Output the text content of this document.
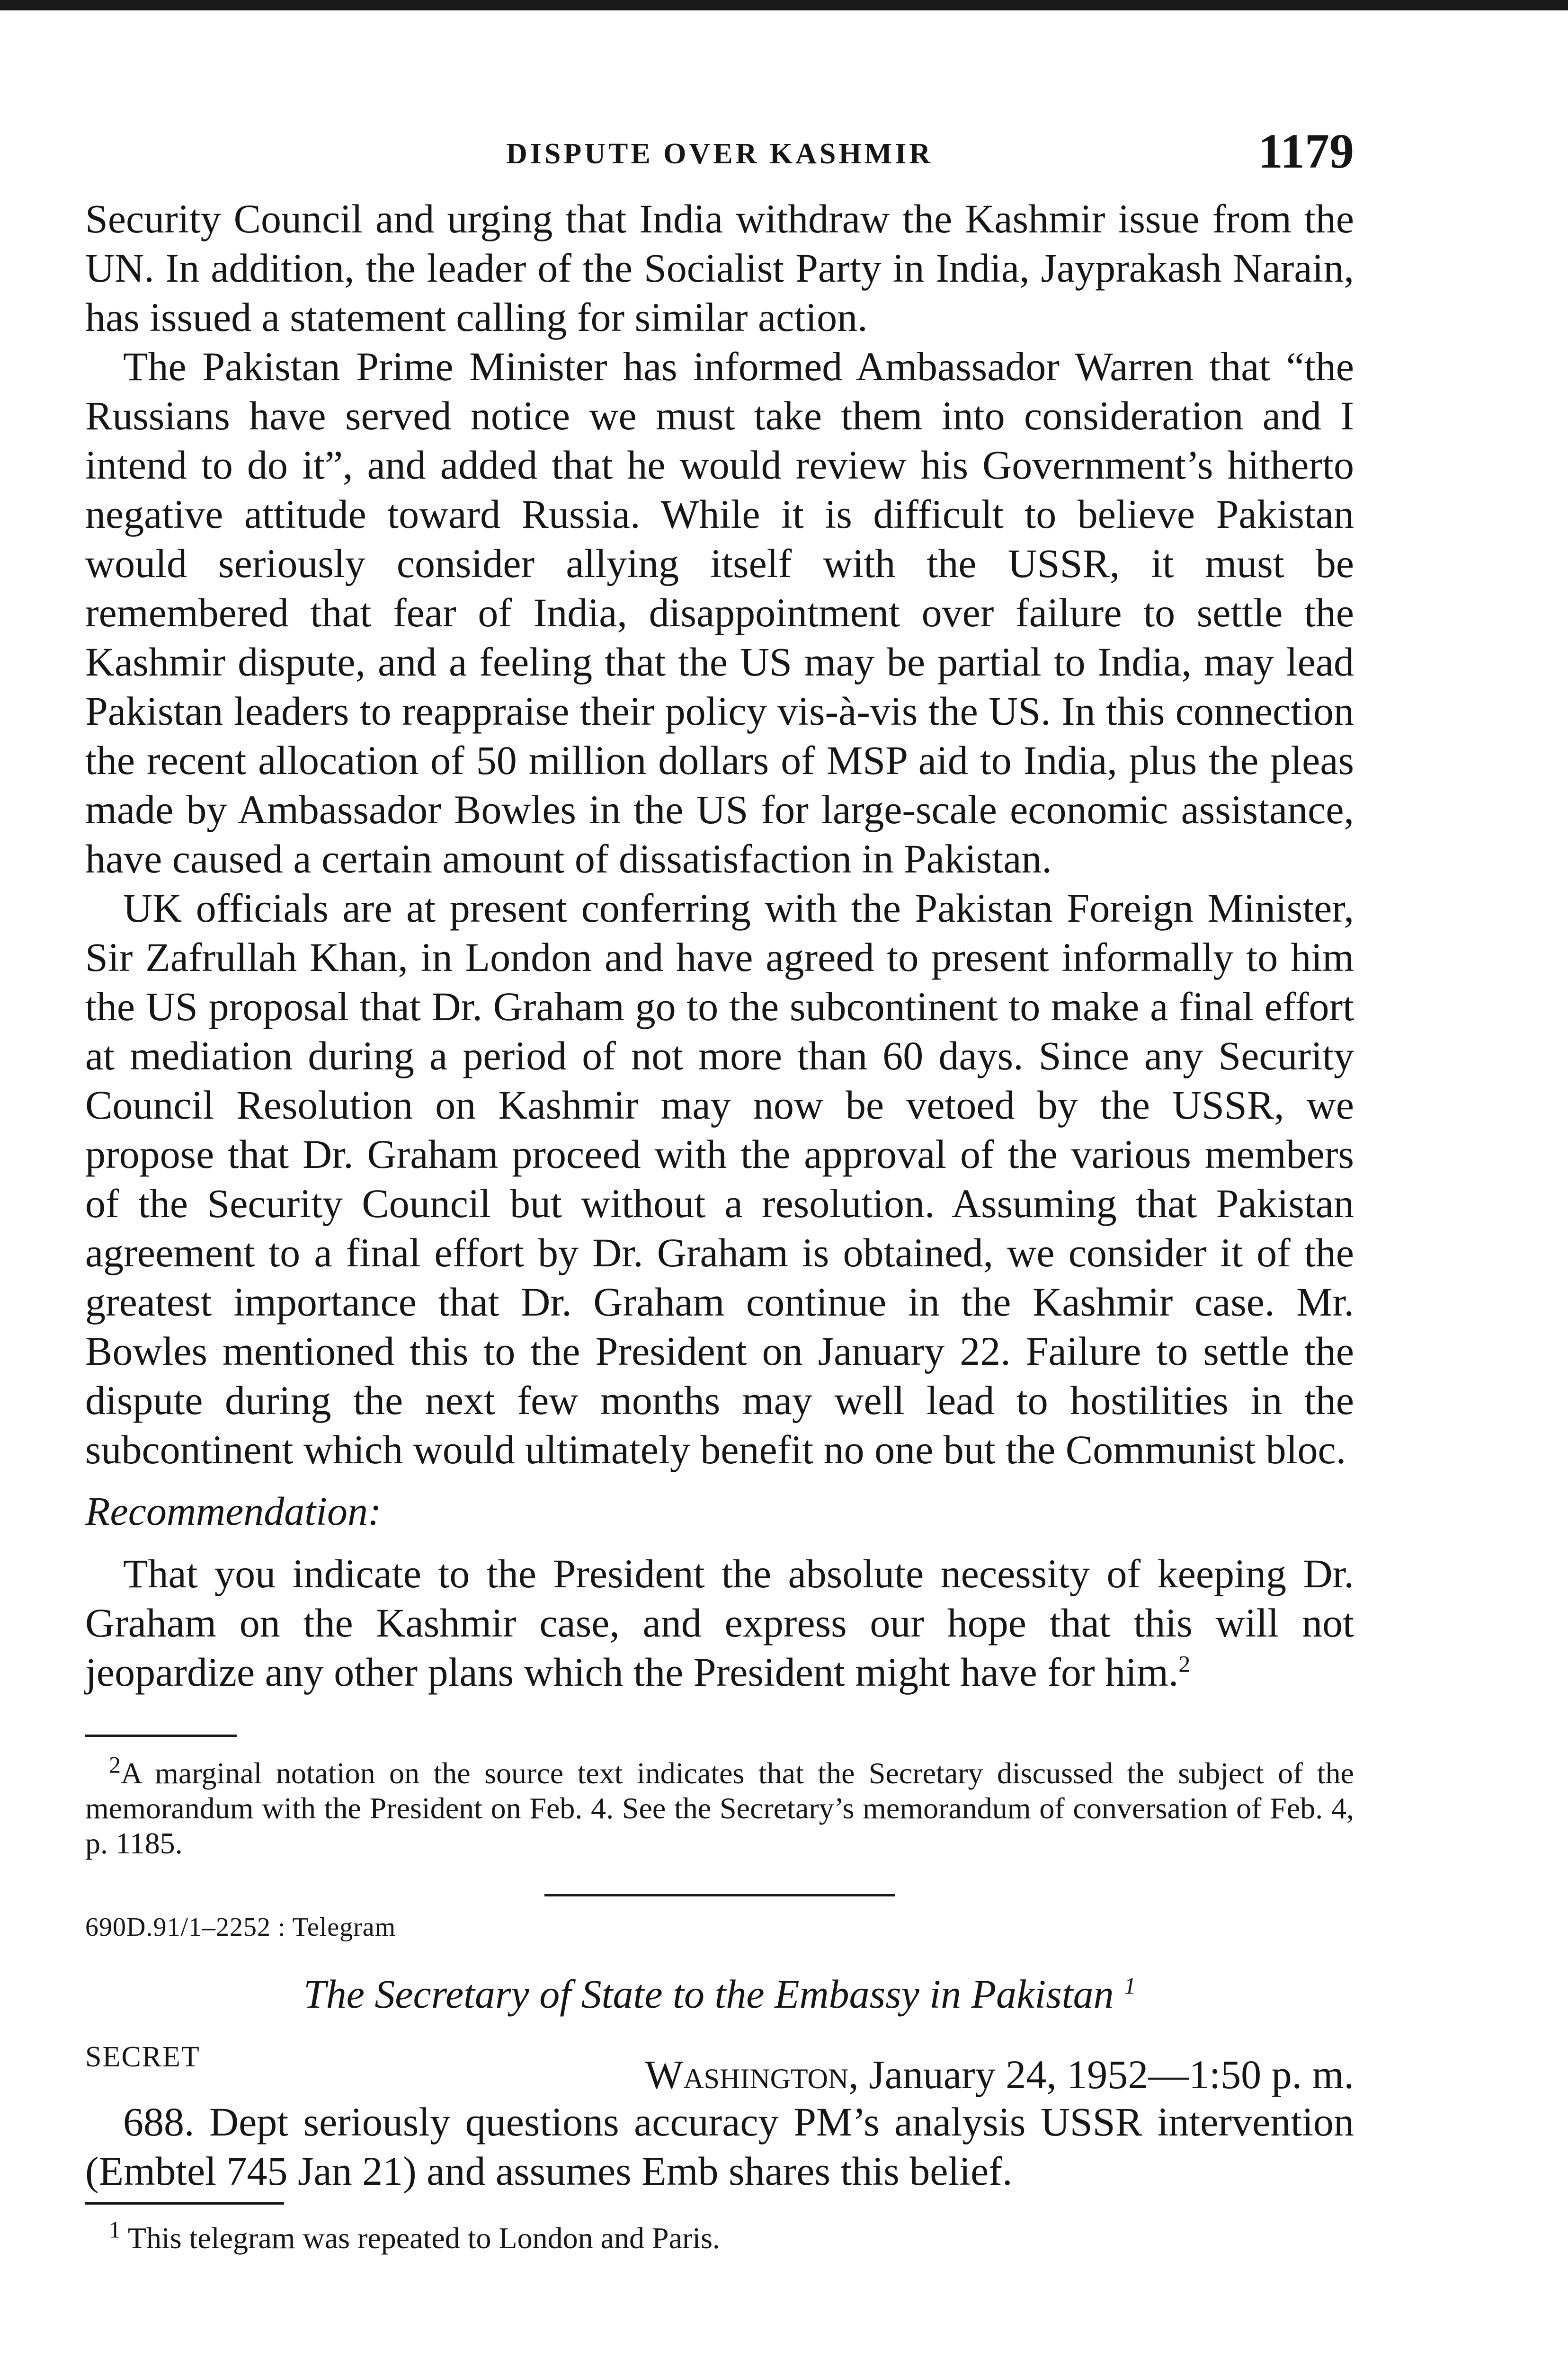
DISPUTE OVER KASHMIR	1179

Security Council and urging that India withdraw the Kashmir issue from the UN. In addition, the leader of the Socialist Party in India, Jayprakash Narain, has issued a statement calling for similar action.

The Pakistan Prime Minister has informed Ambassador Warren that “the Russians have served notice we must take them into consideration and I intend to do it”, and added that he would review his Government’s hitherto negative attitude toward Russia. While it is difficult to believe Pakistan would seriously consider allying itself with the USSR, it must be remembered that fear of India, disappointment over failure to settle the Kashmir dispute, and a feeling that the US may be partial to India, may lead Pakistan leaders to reappraise their policy vis-à-vis the US. In this connection the recent allocation of 50 million dollars of MSP aid to India, plus the pleas made by Ambassador Bowles in the US for large-scale economic assistance, have caused a certain amount of dissatisfaction in Pakistan.

UK officials are at present conferring with the Pakistan Foreign Minister, Sir Zafrullah Khan, in London and have agreed to present informally to him the US proposal that Dr. Graham go to the subcontinent to make a final effort at mediation during a period of not more than 60 days. Since any Security Council Resolution on Kashmir may now be vetoed by the USSR, we propose that Dr. Graham proceed with the approval of the various members of the Security Council but without a resolution. Assuming that Pakistan agreement to a final effort by Dr. Graham is obtained, we consider it of the greatest importance that Dr. Graham continue in the Kashmir case. Mr. Bowles mentioned this to the President on January 22. Failure to settle the dispute during the next few months may well lead to hostilities in the subcontinent which would ultimately benefit no one but the Communist bloc.

Recommendation:

That you indicate to the President the absolute necessity of keeping Dr. Graham on the Kashmir case, and express our hope that this will not jeopardize any other plans which the President might have for him.$^2$

$^2$A marginal notation on the source text indicates that the Secretary discussed the subject of the memorandum with the President on Feb. 4. See the Secretary’s memorandum of conversation of Feb. 4, p. 1185.

690D.91/1–2252 : Telegram
The Secretary of State to the Embassy in Pakistan $^1$
SECRET	Washington, January 24, 1952—1:50 p. m.

688. Dept seriously questions accuracy PM’s analysis USSR intervention (Embtel 745 Jan 21) and assumes Emb shares this belief.

$^1$ This telegram was repeated to London and Paris.
